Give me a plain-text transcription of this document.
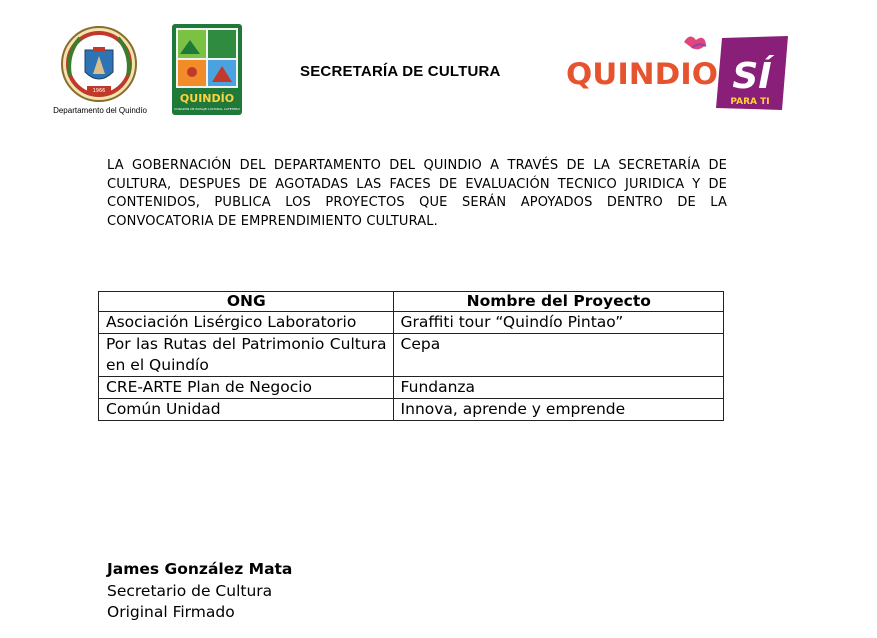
1966
Departamento del Quindío
QUINDÍO
CORAZÓN DE PAISAJE CULTURAL CAFETERO
SECRETARÍA DE CULTURA QUINDIO SÍ
PARA TI
LA GOBERNACIÓN DEL DEPARTAMENTO DEL QUINDIO A TRAVÉS DE LA SECRETARÍA DE CULTURA, DESPUES DE AGOTADAS LAS FACES DE EVALUACIÓN TECNICO JURIDICA Y DE CONTENIDOS, PUBLICA LOS PROYECTOS QUE SERÁN APOYADOS DENTRO DE LA CONVOCATORIA DE EMPRENDIMIENTO CULTURAL.
ONG	Nombre del Proyecto
Asociación Lisérgico Laboratorio	Graffiti tour “Quindío Pintao”
Por las Rutas del Patrimonio Cultura en el Quindío	Cepa
CRE-ARTE Plan de Negocio	Fundanza
Común Unidad	Innova, aprende y emprende
James González Mata
Secretario de Cultura
Original Firmado
